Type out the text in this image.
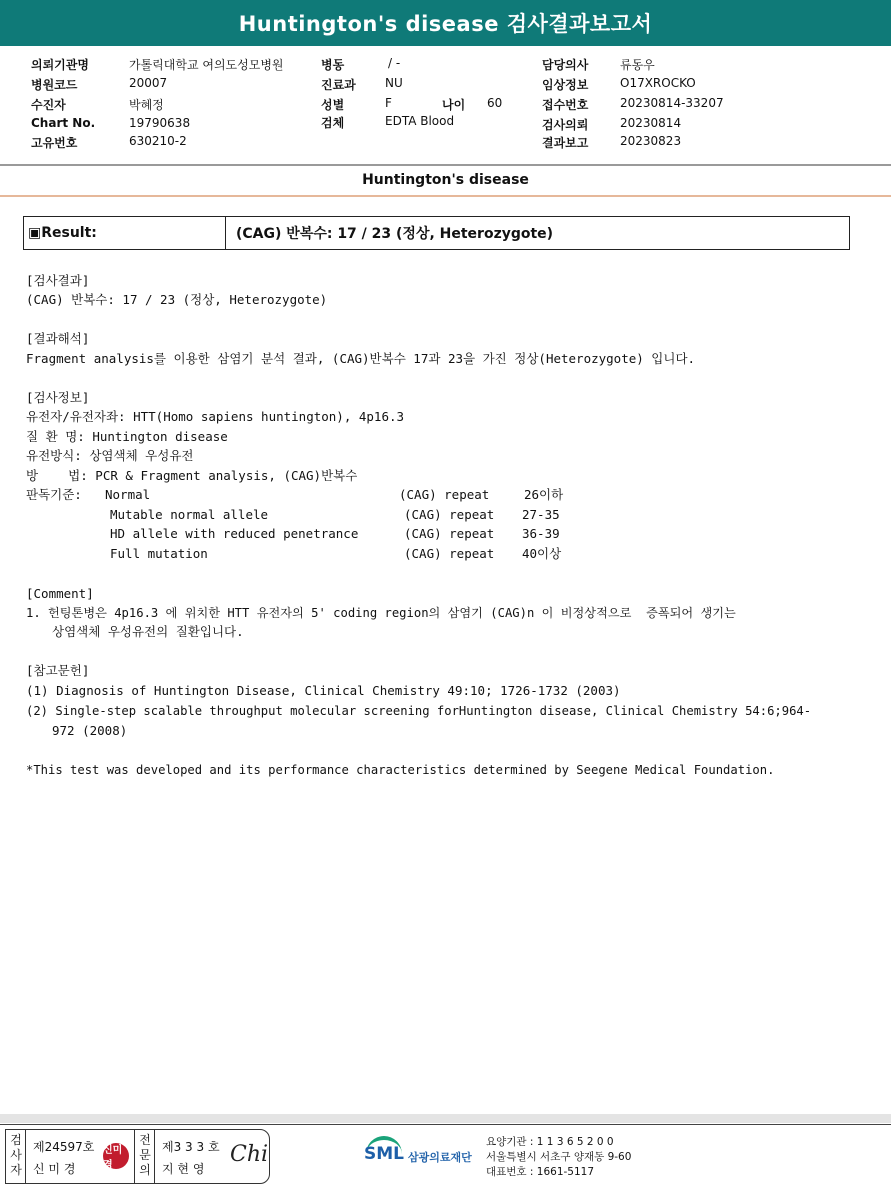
Huntington's disease 검사결과보고서
의뢰기관명	가톨릭대학교 여의도성모병원
병원코드	20007
수진자	박혜정
Chart No.	19790638
고유번호	630210-2
병동	/ -
진료과 NU
성별	F	나이 60
검체	EDTA Blood
담당의사	류동우
임상정보	O17XROCKO
접수번호	20230814-33207
검사의뢰	20230814
결과보고	20230823
Huntington's disease
▣Result:	(CAG) 반복수: 17 / 23 (정상, Heterozygote)
[검사결과]
(CAG) 반복수: 17 / 23 (정상, Heterozygote)
[결과해석]
Fragment analysis를 이용한 삼염기 분석 결과, (CAG)반복수 17과 23을 가진 정상(Heterozygote) 입니다.
[검사정보]
유전자/유전자좌: HTT(Homo sapiens huntington), 4p16.3
질 환 명: Huntington disease
유전방식: 상염색체 우성유전
방    법: PCR & Fragment analysis, (CAG)반복수
판독기준: Normal	(CAG) repeat	26이하
Mutable normal allele	(CAG) repeat 27-35
HD allele with reduced penetrance	(CAG) repeat 36-39
Full mutation	(CAG) repeat 40이상
[Comment]
1. 헌팅톤병은 4p16.3 에 위치한 HTT 유전자의 5' coding region의 삼염기 (CAG)n 이 비정상적으로  증폭되어 생기는
상염색체 우성유전의 질환입니다.
[참고문헌]
(1) Diagnosis of Huntington Disease, Clinical Chemistry 49:10; 1726-1732 (2003)
(2) Single-step scalable throughput molecular screening forHuntington disease, Clinical Chemistry 54:6;964-
972 (2008)
*This test was developed and its performance characteristics determined by Seegene Medical Foundation.
검사자
제24597호
신 미 경
신미경
전문의
제3 3 3 호
지 현 영
Chi	SML 삼광의료재단
요양기관 : 1 1 3 6 5 2 0 0
서울특별시 서초구 양재동 9-60
대표번호 : 1661-5117
